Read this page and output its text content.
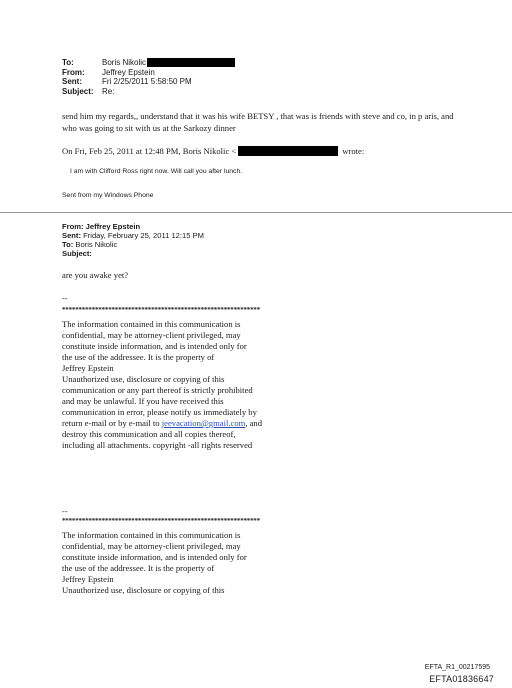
To:	Boris Nikolic
From:	Jeffrey Epstein
Sent:	Fri 2/25/2011 5:58:50 PM
Subject:	Re:
send him my regards,, understand that it was his wife BETSY , that was is friends with steve and co, in p aris, and who was going to sit with us at the Sarkozy dinner
On Fri, Feb 25, 2011 at 12:48 PM, Boris Nikolic <	wrote:
I am with Clifford Ross right now. Will call you after lunch.
Sent from my Windows Phone
From: Jeffrey Epstein
Sent: Friday, February 25, 2011 12:15 PM
To: Boris Nikolic
Subject:
are you awake yet?
--
************************************************************

The information contained in this communication is

confidential, may be attorney-client privileged, may

constitute inside information, and is intended only for

the use of the addressee. It is the property of

Jeffrey Epstein

Unauthorized use, disclosure or copying of this

communication or any part thereof is strictly prohibited

and may be unlawful. If you have received this

communication in error, please notify us immediately by

return e-mail or by e-mail to jeevacation@gmail.com, and

destroy this communication and all copies thereof,

including all attachments. copyright -all rights reserved

--
************************************************************

The information contained in this communication is

confidential, may be attorney-client privileged, may

constitute inside information, and is intended only for

the use of the addressee. It is the property of

Jeffrey Epstein

Unauthorized use, disclosure or copying of this

EFTA_R1_00217595
EFTA01836647
